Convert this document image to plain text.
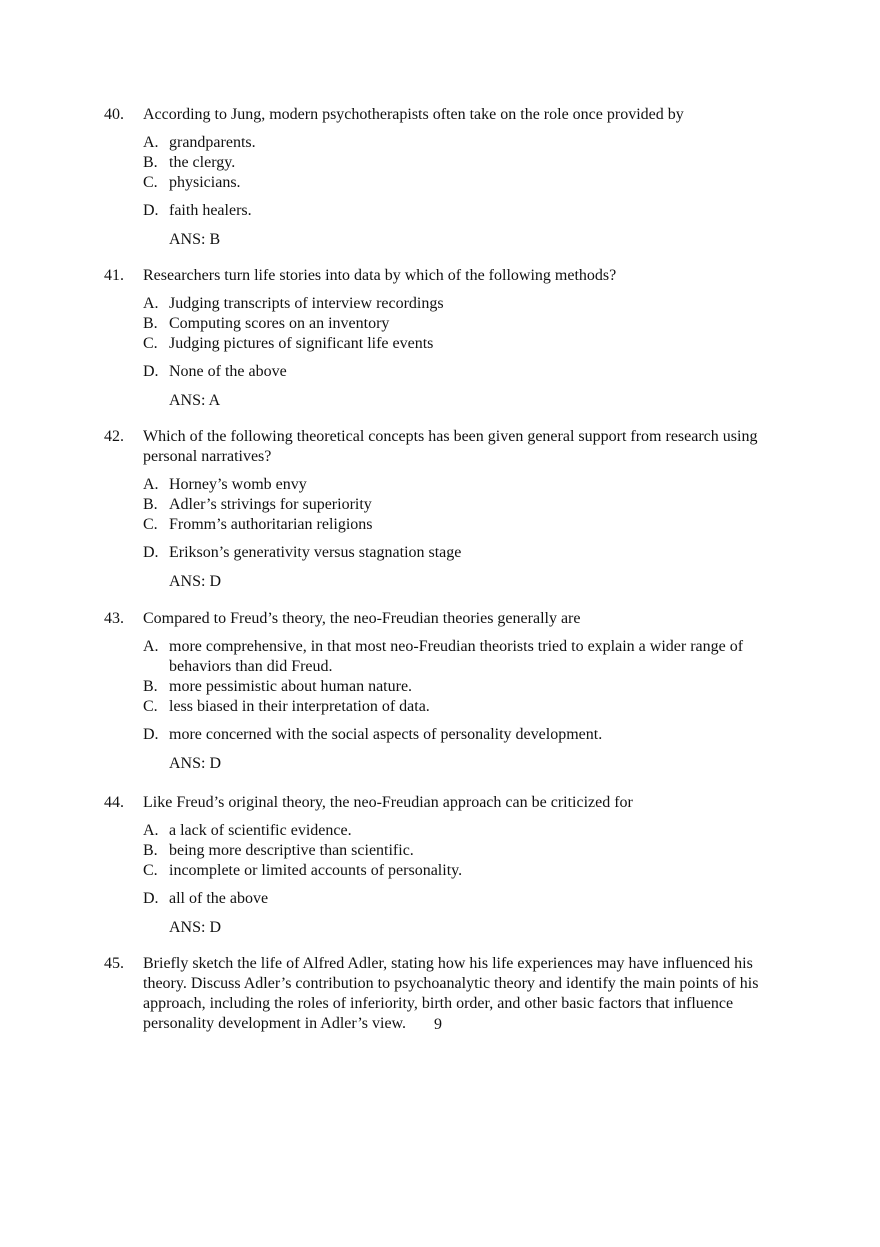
40.	According to Jung, modern psychotherapists often take on the role once provided by
A. grandparents.
B. the clergy.
C. physicians.
D. faith healers.
ANS: B
41.	Researchers turn life stories into data by which of the following methods?
A. Judging transcripts of interview recordings
B. Computing scores on an inventory
C. Judging pictures of significant life events
D. None of the above
ANS: A
42.	Which of the following theoretical concepts has been given general support from research using personal narratives?
A. Horney’s womb envy
B. Adler’s strivings for superiority
C. Fromm’s authoritarian religions
D. Erikson’s generativity versus stagnation stage
ANS: D
43.	Compared to Freud’s theory, the neo-Freudian theories generally are
A. more comprehensive, in that most neo-Freudian theorists tried to explain a wider range of behaviors than did Freud.
B. more pessimistic about human nature.
C. less biased in their interpretation of data.
D. more concerned with the social aspects of personality development.
ANS: D
44.	Like Freud’s original theory, the neo-Freudian approach can be criticized for
A. a lack of scientific evidence.
B. being more descriptive than scientific.
C. incomplete or limited accounts of personality.
D. all of the above
ANS: D
45.	Briefly sketch the life of Alfred Adler, stating how his life experiences may have influenced his theory. Discuss Adler’s contribution to psychoanalytic theory and identify the main points of his approach, including the roles of inferiority, birth order, and other basic factors that influence personality development in Adler’s view.	9
